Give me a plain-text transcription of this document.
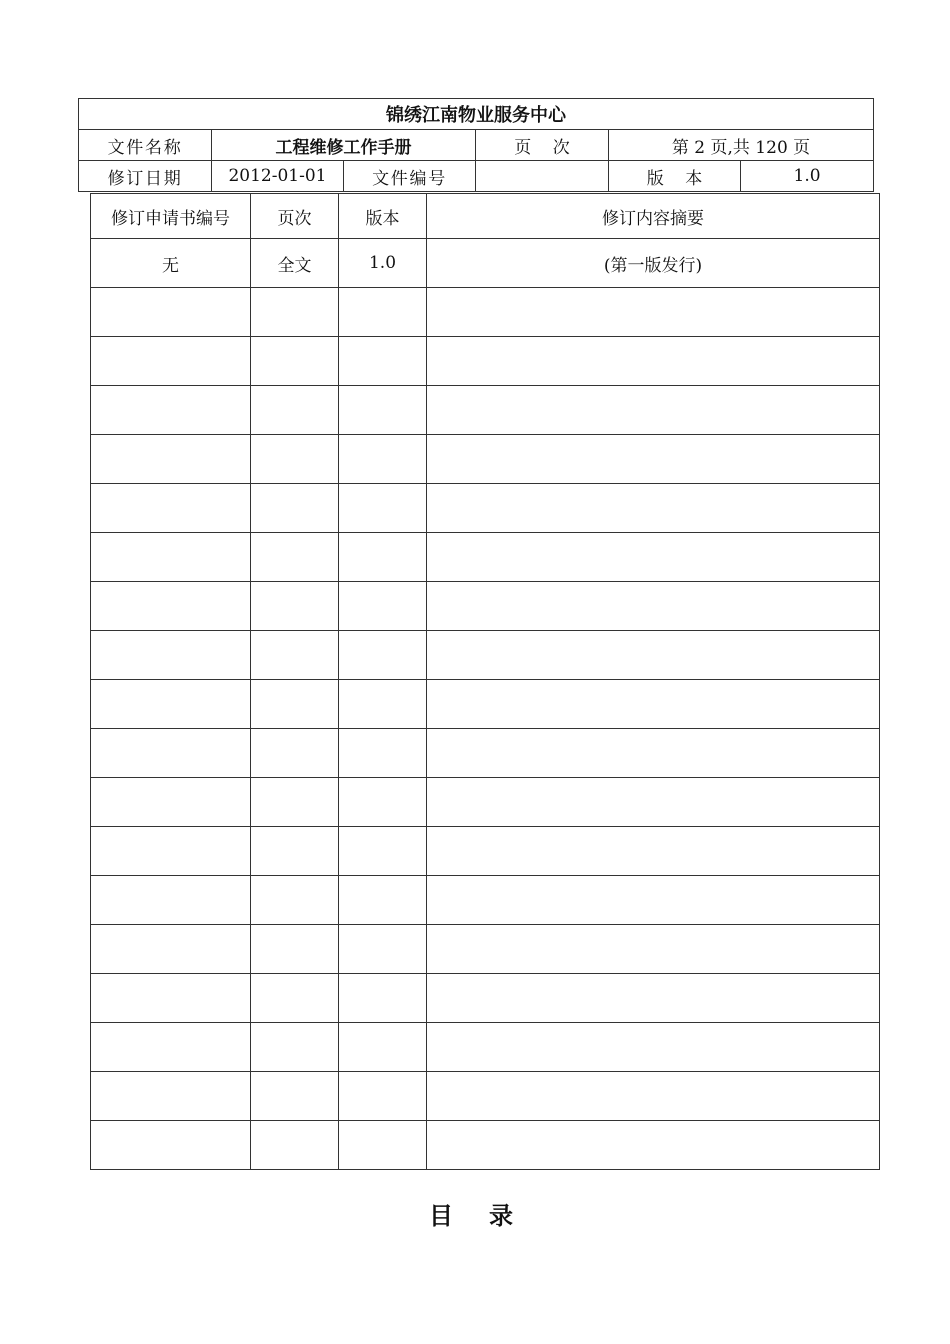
锦绣江南物业服务中心					
文件名称	工程维修工作手册		页    次	第 2 页,共 120 页	
修订日期	2012-01-01	文件编号		版    本	1.0
修订申请书编号	页次	版本	修订内容摘要
无	全文	1.0	(第一版发行)

目录
